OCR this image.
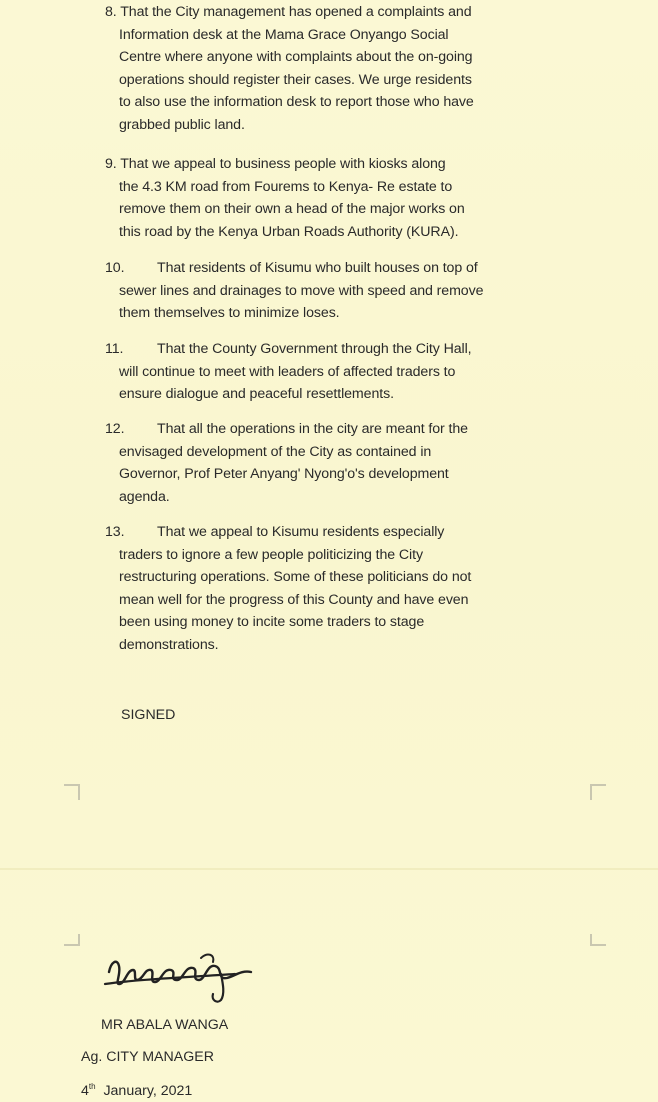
8. That the City management has opened a complaints and
Information desk at the Mama Grace Onyango Social
Centre where anyone with complaints about the on-going
operations should register their cases. We urge residents
to also use the information desk to report those who have
grabbed public land.
9. That we appeal to business people with kiosks along
the 4.3 KM road from Fourems to Kenya- Re estate to
remove them on their own a head of the major works on
this road by the Kenya Urban Roads Authority (KURA).
10. That residents of Kisumu who built houses on top of
sewer lines and drainages to move with speed and remove
them themselves to minimize loses.
11. That the County Government through the City Hall,
will continue to meet with leaders of affected traders to
ensure dialogue and peaceful resettlements.
12. That all the operations in the city are meant for the
envisaged development of the City as contained in
Governor, Prof Peter Anyang' Nyong'o's development
agenda.
13. That we appeal to Kisumu residents especially
traders to ignore a few people politicizing the City
restructuring operations. Some of these politicians do not
mean well for the progress of this County and have even
been using money to incite some traders to stage
demonstrations.
SIGNED
MR ABALA WANGA
Ag. CITY MANAGER
4th  January, 2021
